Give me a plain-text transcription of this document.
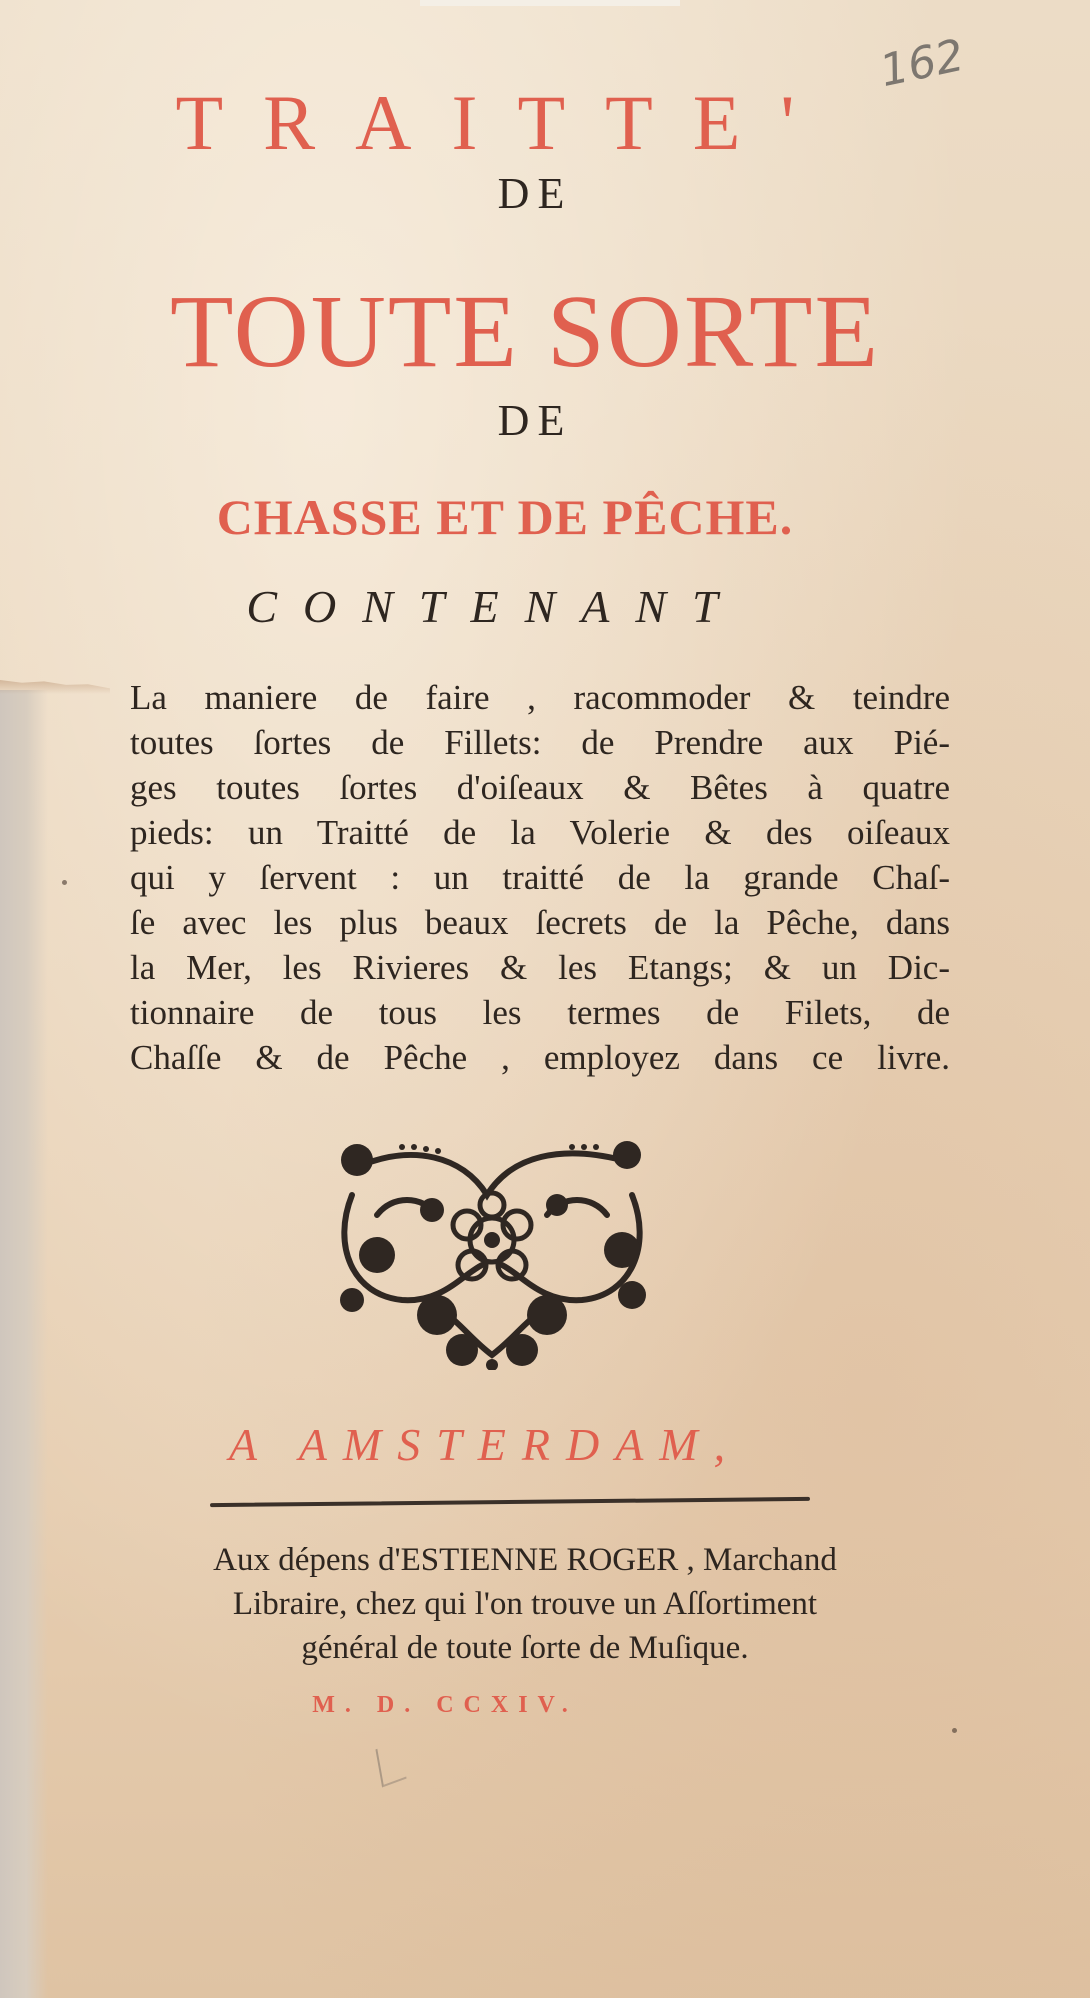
162
TRAITTE'
DE
TOUTE SORTE
DE
CHASSE ET DE PÊCHE.
CONTENANT
La maniere de faire , racommoder & teindre
toutes ſortes de Fillets: de Prendre aux Pié-
ges toutes ſortes d'oiſeaux & Bêtes à quatre
pieds: un Traitté de la Volerie & des oiſeaux
qui y ſervent : un traitté de la grande Chaſ-
ſe avec les plus beaux ſecrets de la Pêche, dans
la Mer, les Rivieres & les Etangs; & un Dic-
tionnaire de tous les termes de Filets, de
Chaſſe & de Pêche , employez dans ce livre.
A AMSTERDAM,
Aux dépens d'ESTIENNE ROGER , Marchand
Libraire, chez qui l'on trouve un Aſſortiment
général de toute ſorte de Muſique.
M. D. CCXIV.
